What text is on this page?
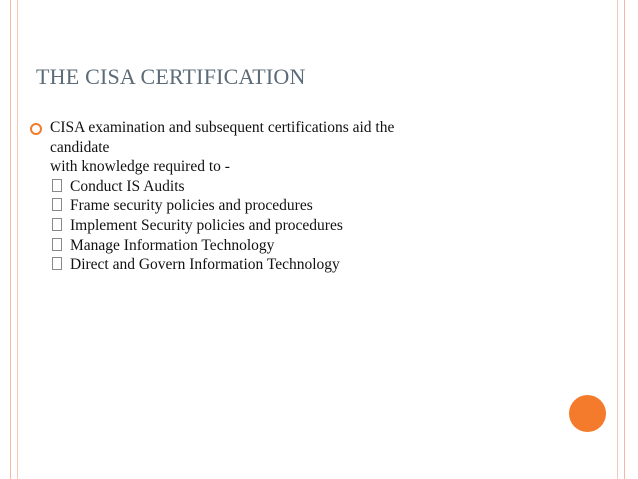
THE CISA CERTIFICATION
CISA examination and subsequent certifications aid the
candidate
with knowledge required to -
Conduct IS Audits
Frame security policies and procedures
Implement Security policies and procedures
Manage Information Technology
Direct and Govern Information Technology
